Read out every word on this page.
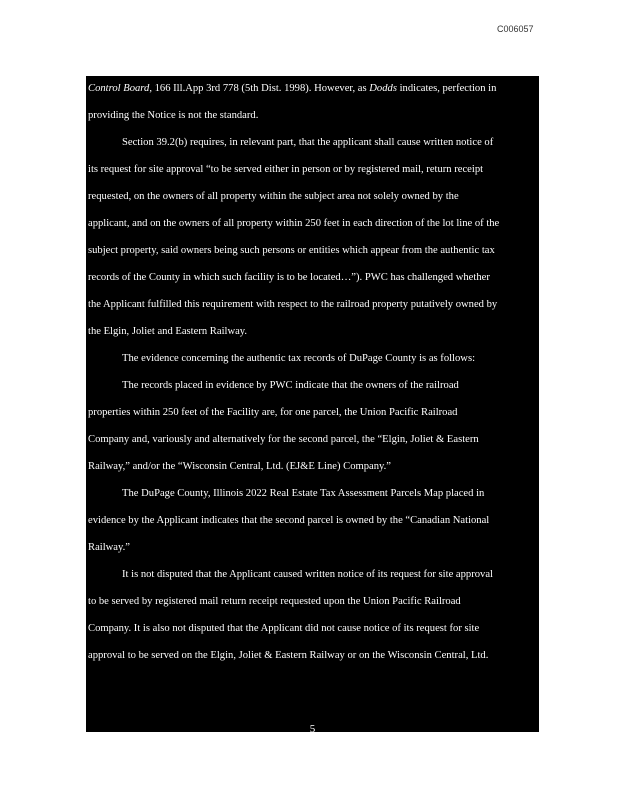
C006057
Control Board, 166 Ill.App 3rd 778 (5th Dist. 1998). However, as Dodds indicates, perfection in
providing the Notice is not the standard.
Section 39.2(b) requires, in relevant part, that the applicant shall cause written notice of
its request for site approval “to be served either in person or by registered mail, return receipt
requested, on the owners of all property within the subject area not solely owned by the
applicant, and on the owners of all property within 250 feet in each direction of the lot line of the
subject property, said owners being such persons or entities which appear from the authentic tax
records of the County in which such facility is to be located…”). PWC has challenged whether
the Applicant fulfilled this requirement with respect to the railroad property putatively owned by
the Elgin, Joliet and Eastern Railway.
The evidence concerning the authentic tax records of DuPage County is as follows:
The records placed in evidence by PWC indicate that the owners of the railroad
properties within 250 feet of the Facility are, for one parcel, the Union Pacific Railroad
Company and, variously and alternatively for the second parcel, the “Elgin, Joliet & Eastern
Railway,” and/or the “Wisconsin Central, Ltd. (EJ&E Line) Company.”
The DuPage County, Illinois 2022 Real Estate Tax Assessment Parcels Map placed in
evidence by the Applicant indicates that the second parcel is owned by the “Canadian National
Railway.”
It is not disputed that the Applicant caused written notice of its request for site approval
to be served by registered mail return receipt requested upon the Union Pacific Railroad
Company. It is also not disputed that the Applicant did not cause notice of its request for site
approval to be served on the Elgin, Joliet & Eastern Railway or on the Wisconsin Central, Ltd.
5
